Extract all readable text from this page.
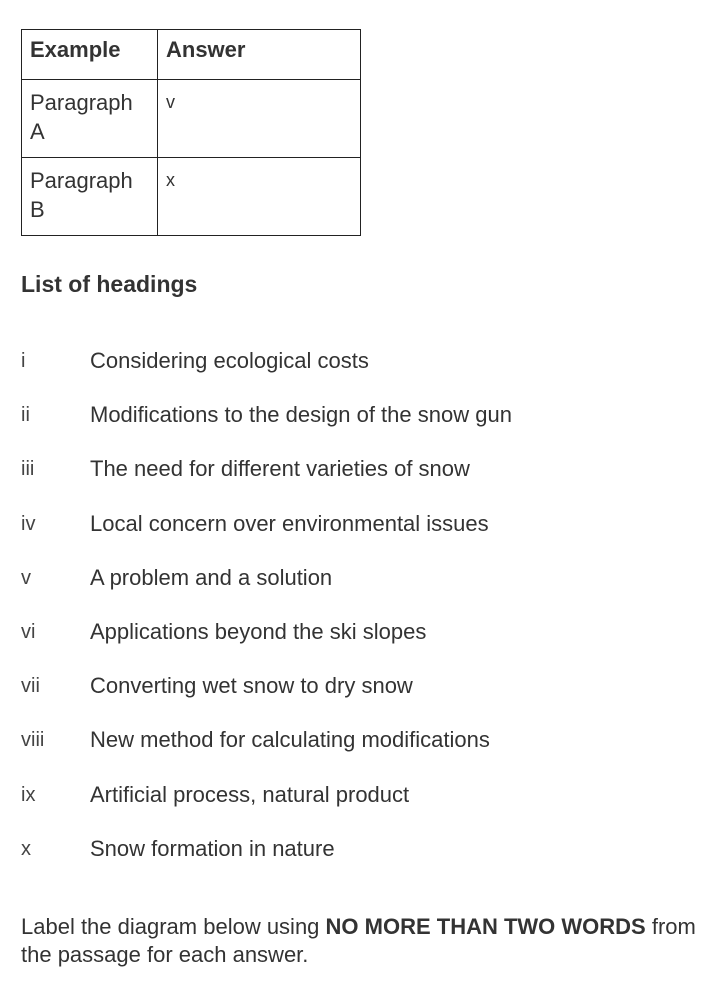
Example	Answer
Paragraph A	v
Paragraph B	x
List of headings
i	Considering ecological costs
ii	Modifications to the design of the snow gun
iii	The need for different varieties of snow
iv	Local concern over environmental issues
v	A problem and a solution
vi	Applications beyond the ski slopes
vii	Converting wet snow to dry snow
viii	New method for calculating modifications
ix	Artificial process, natural product
x	Snow formation in nature

Label the diagram below using NO MORE THAN TWO WORDS from the passage for each answer.
